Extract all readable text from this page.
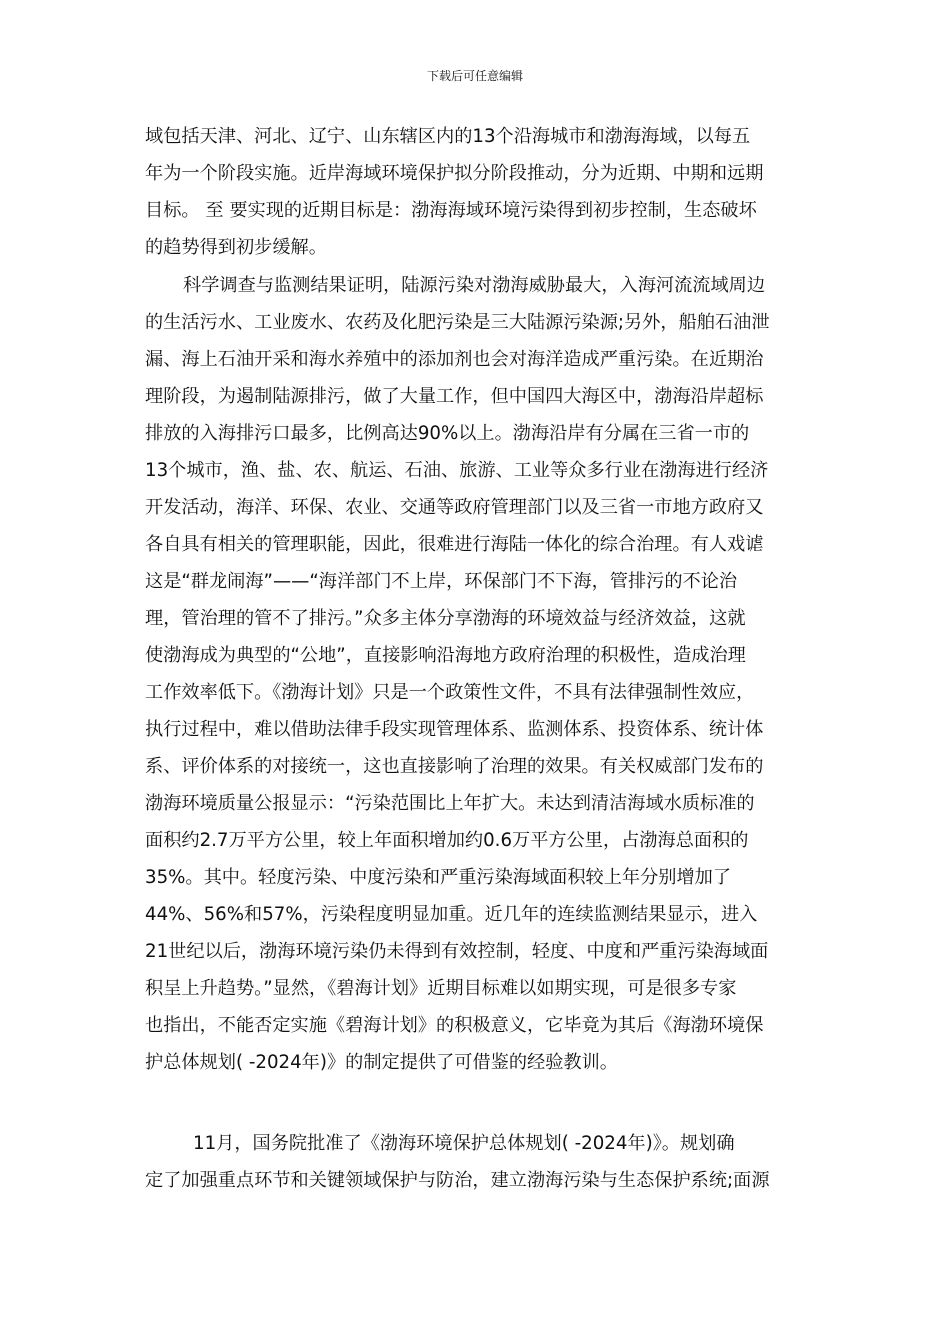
下载后可任意编辑
域包括天津、河北、辽宁、山东辖区内的13个沿海城市和渤海海域，以每五
年为一个阶段实施。近岸海域环境保护拟分阶段推动，分为近期、中期和远期
目标。 至 要实现的近期目标是：渤海海域环境污染得到初步控制，生态破坏
的趋势得到初步缓解。
科学调查与监测结果证明，陆源污染对渤海威胁最大，入海河流流域周边
的生活污水、工业废水、农药及化肥污染是三大陆源污染源;另外，船舶石油泄
漏、海上石油开采和海水养殖中的添加剂也会对海洋造成严重污染。在近期治
理阶段，为遏制陆源排污，做了大量工作，但中国四大海区中，渤海沿岸超标
排放的入海排污口最多，比例高达90%以上。渤海沿岸有分属在三省一市的
13个城市，渔、盐、农、航运、石油、旅游、工业等众多行业在渤海进行经济
开发活动，海洋、环保、农业、交通等政府管理部门以及三省一市地方政府又
各自具有相关的管理职能，因此，很难进行海陆一体化的综合治理。有人戏谑
这是“群龙闹海”——“海洋部门不上岸，环保部门不下海，管排污的不论治
理，管治理的管不了排污。”众多主体分享渤海的环境效益与经济效益，这就
使渤海成为典型的“公地”，直接影响沿海地方政府治理的积极性，造成治理
工作效率低下。《渤海计划》只是一个政策性文件，不具有法律强制性效应，
执行过程中，难以借助法律手段实现管理体系、监测体系、投资体系、统计体
系、评价体系的对接统一，这也直接影响了治理的效果。有关权威部门发布的
渤海环境质量公报显示：“污染范围比上年扩大。未达到清洁海域水质标准的
面积约2.7万平方公里，较上年面积增加约0.6万平方公里，占渤海总面积的
35%。其中。轻度污染、中度污染和严重污染海域面积较上年分别增加了
44%、56%和57%，污染程度明显加重。近几年的连续监测结果显示，进入
21世纪以后，渤海环境污染仍未得到有效控制，轻度、中度和严重污染海域面
积呈上升趋势。”显然，《碧海计划》近期目标难以如期实现，可是很多专家
也指出，不能否定实施《碧海计划》的积极意义，它毕竟为其后《海渤环境保
护总体规划( -2024年)》的制定提供了可借鉴的经验教训。
11月，国务院批准了《渤海环境保护总体规划( -2024年)》。规划确
定了加强重点环节和关键领域保护与防治，建立渤海污染与生态保护系统;面源
